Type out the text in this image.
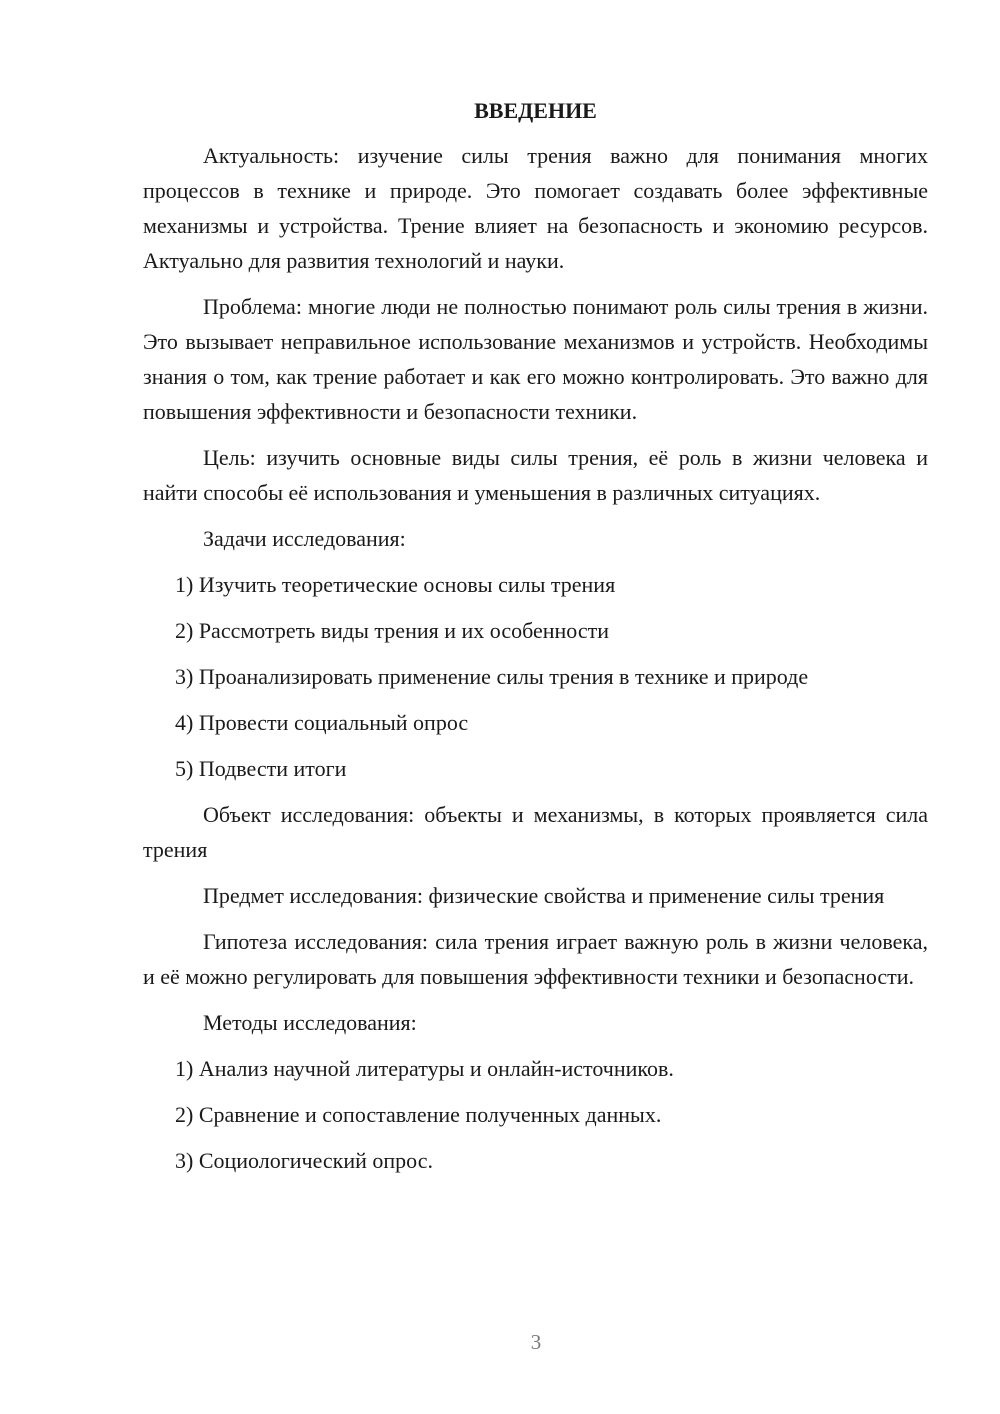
ВВЕДЕНИЕ

Актуальность: изучение силы трения важно для понимания многих процессов в технике и природе. Это помогает создавать более эффективные механизмы и устройства. Трение влияет на безопасность и экономию ресурсов. Актуально для развития технологий и науки.

Проблема: многие люди не полностью понимают роль силы трения в жизни. Это вызывает неправильное использование механизмов и устройств. Необходимы знания о том, как трение работает и как его можно контролировать. Это важно для повышения эффективности и безопасности техники.

Цель: изучить основные виды силы трения, её роль в жизни человека и найти способы её использования и уменьшения в различных ситуациях.

Задачи исследования:

1) Изучить теоретические основы силы трения
2) Рассмотреть виды трения и их особенности
3) Проанализировать применение силы трения в технике и природе
4) Провести социальный опрос
5) Подвести итоги

Объект исследования: объекты и механизмы, в которых проявляется сила трения

Предмет исследования: физические свойства и применение силы трения

Гипотеза исследования: сила трения играет важную роль в жизни человека, и её можно регулировать для повышения эффективности техники и безопасности.

Методы исследования:

1) Анализ научной литературы и онлайн-источников.
2) Сравнение и сопоставление полученных данных.
3) Социологический опрос.
3
